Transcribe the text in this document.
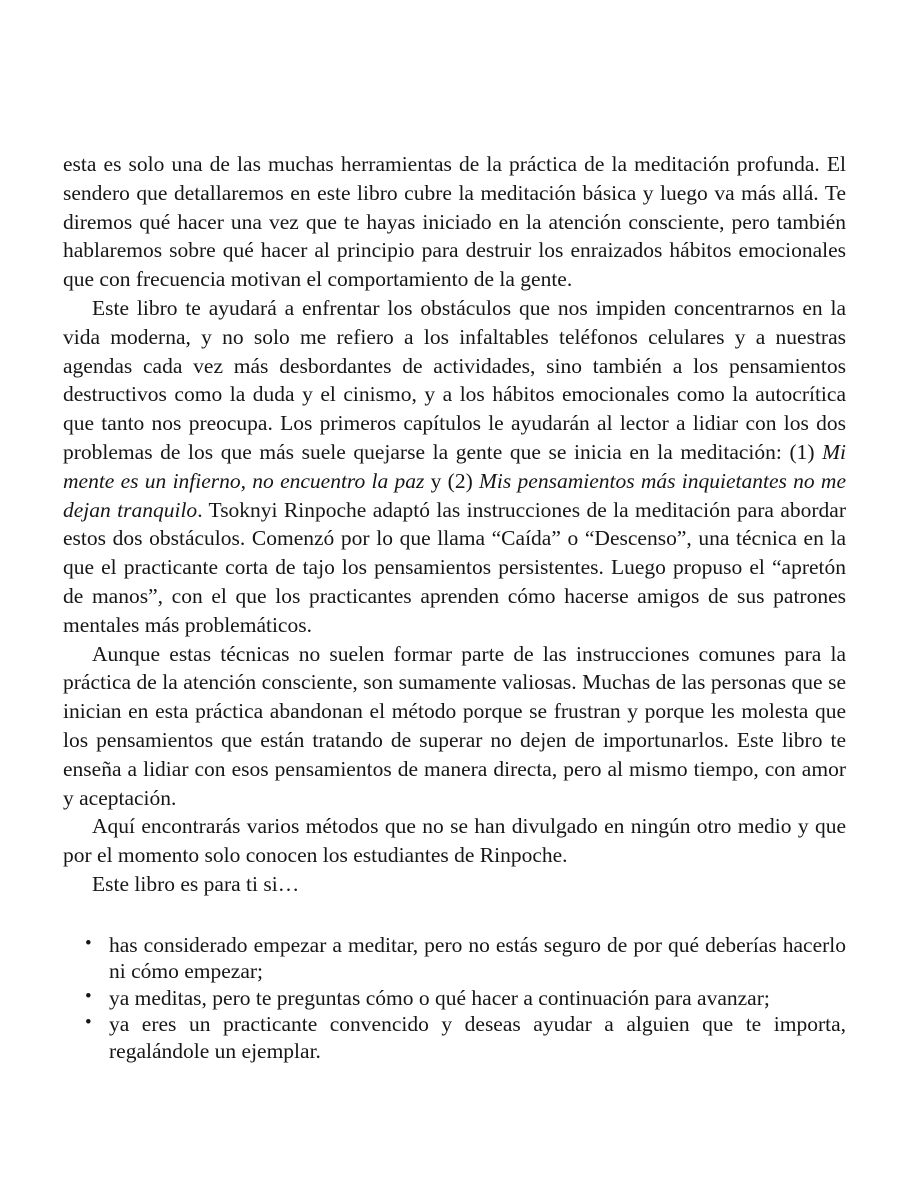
esta es solo una de las muchas herramientas de la práctica de la meditación profunda. El sendero que detallaremos en este libro cubre la meditación básica y luego va más allá. Te diremos qué hacer una vez que te hayas iniciado en la atención consciente, pero también hablaremos sobre qué hacer al principio para destruir los enraizados hábitos emocionales que con frecuencia motivan el comportamiento de la gente.

Este libro te ayudará a enfrentar los obstáculos que nos impiden concentrarnos en la vida moderna, y no solo me refiero a los infaltables teléfonos celulares y a nuestras agendas cada vez más desbordantes de actividades, sino también a los pensamientos destructivos como la duda y el cinismo, y a los hábitos emocionales como la autocrítica que tanto nos preocupa. Los primeros capítulos le ayudarán al lector a lidiar con los dos problemas de los que más suele quejarse la gente que se inicia en la meditación: (1) Mi mente es un infierno, no encuentro la paz y (2) Mis pensamientos más inquietantes no me dejan tranquilo. Tsoknyi Rinpoche adaptó las instrucciones de la meditación para abordar estos dos obstáculos. Comenzó por lo que llama “Caída” o “Descenso”, una técnica en la que el practicante corta de tajo los pensamientos persistentes. Luego propuso el “apretón de manos”, con el que los practicantes aprenden cómo hacerse amigos de sus patrones mentales más problemáticos.

Aunque estas técnicas no suelen formar parte de las instrucciones comunes para la práctica de la atención consciente, son sumamente valiosas. Muchas de las personas que se inician en esta práctica abandonan el método porque se frustran y porque les molesta que los pensamientos que están tratando de superar no dejen de importunarlos. Este libro te enseña a lidiar con esos pensamientos de manera directa, pero al mismo tiempo, con amor y aceptación.

Aquí encontrarás varios métodos que no se han divulgado en ningún otro medio y que por el momento solo conocen los estudiantes de Rinpoche.

Este libro es para ti si…

• has considerado empezar a meditar, pero no estás seguro de por qué deberías hacerlo ni cómo empezar;
• ya meditas, pero te preguntas cómo o qué hacer a continuación para avanzar;
• ya eres un practicante convencido y deseas ayudar a alguien que te importa, regalándole un ejemplar.
